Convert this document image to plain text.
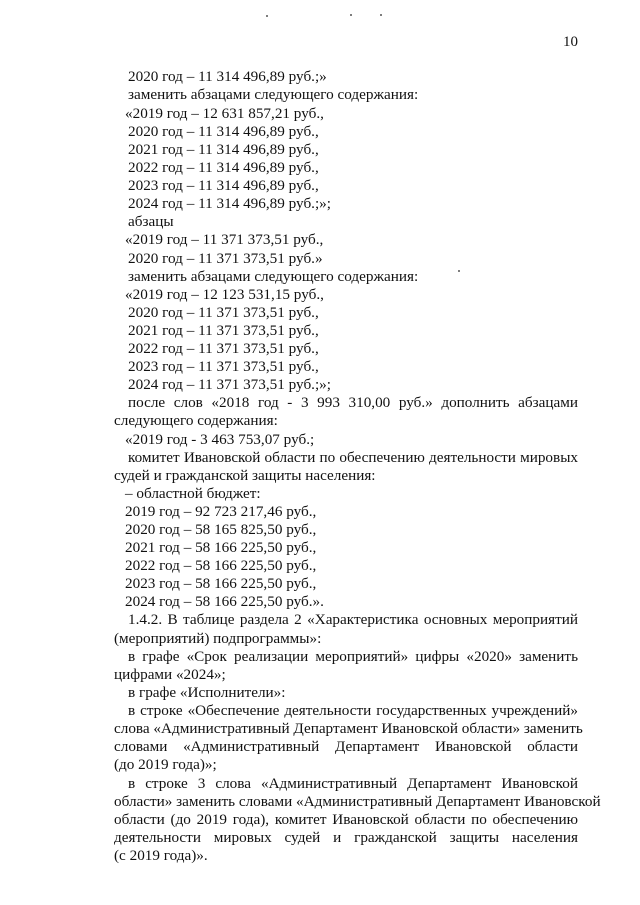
10
2020 год – 11 314 496,89 руб.;»
заменить абзацами следующего содержания:
«2019 год – 12 631 857,21 руб.,
2020 год – 11 314 496,89 руб.,
2021 год – 11 314 496,89 руб.,
2022 год – 11 314 496,89 руб.,
2023 год – 11 314 496,89 руб.,
2024 год – 11 314 496,89 руб.;»;
абзацы
«2019 год – 11 371 373,51 руб.,
2020 год – 11 371 373,51 руб.»
заменить абзацами следующего содержания:
«2019 год – 12 123 531,15 руб.,
2020 год – 11 371 373,51 руб.,
2021 год – 11 371 373,51 руб.,
2022 год – 11 371 373,51 руб.,
2023 год – 11 371 373,51 руб.,
2024 год – 11 371 373,51 руб.;»;
после слов «2018 год - 3 993 310,00 руб.» дополнить абзацами
следующего содержания:
«2019 год - 3 463 753,07 руб.;
комитет Ивановской области по обеспечению деятельности мировых
судей и гражданской защиты населения:
– областной бюджет:
2019 год – 92 723 217,46 руб.,
2020 год – 58 165 825,50 руб.,
2021 год – 58 166 225,50 руб.,
2022 год – 58 166 225,50 руб.,
2023 год – 58 166 225,50 руб.,
2024 год – 58 166 225,50 руб.».
1.4.2. В таблице раздела 2 «Характеристика основных мероприятий
(мероприятий) подпрограммы»:
в графе «Срок реализации мероприятий» цифры «2020» заменить
цифрами «2024»;
в графе «Исполнители»:
в строке «Обеспечение деятельности государственных учреждений»
слова «Административный Департамент Ивановской области» заменить
словами «Административный Департамент Ивановской области
(до 2019 года)»;
в строке 3 слова «Административный Департамент Ивановской
области» заменить словами «Административный Департамент Ивановской
области (до 2019 года), комитет Ивановской области по обеспечению
деятельности мировых судей и гражданской защиты населения
(с 2019 года)».
